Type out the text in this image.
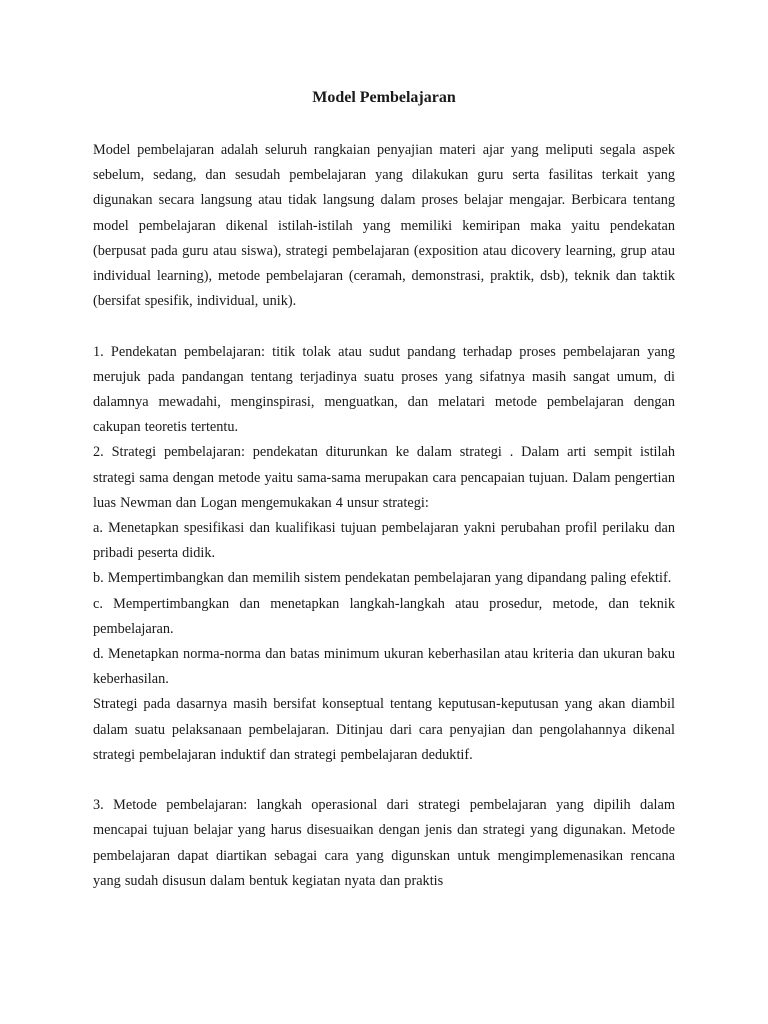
Model Pembelajaran

Model pembelajaran adalah seluruh rangkaian penyajian materi ajar yang meliputi segala aspek sebelum, sedang, dan sesudah pembelajaran yang dilakukan guru serta fasilitas terkait yang digunakan secara langsung atau tidak langsung dalam proses belajar mengajar. Berbicara tentang model pembelajaran dikenal istilah-istilah yang memiliki kemiripan maka yaitu pendekatan (berpusat pada guru atau siswa), strategi pembelajaran (exposition atau dicovery learning, grup atau individual learning), metode pembelajaran (ceramah, demonstrasi, praktik, dsb), teknik dan taktik (bersifat spesifik, individual, unik).

1. Pendekatan pembelajaran: titik tolak atau sudut pandang terhadap proses pembelajaran yang merujuk pada pandangan tentang terjadinya suatu proses yang sifatnya masih sangat umum, di dalamnya mewadahi, menginspirasi, menguatkan, dan melatari metode pembelajaran dengan cakupan teoretis tertentu.

2. Strategi pembelajaran: pendekatan diturunkan ke dalam strategi . Dalam arti sempit istilah strategi sama dengan metode yaitu sama-sama merupakan cara pencapaian tujuan. Dalam pengertian luas Newman dan Logan mengemukakan 4 unsur strategi:

a. Menetapkan spesifikasi dan kualifikasi tujuan pembelajaran yakni perubahan profil perilaku dan pribadi peserta didik.

b. Mempertimbangkan dan memilih sistem pendekatan pembelajaran yang dipandang paling efektif.

c. Mempertimbangkan dan menetapkan langkah-langkah atau prosedur, metode, dan teknik pembelajaran.

d. Menetapkan norma-norma dan batas minimum ukuran keberhasilan atau kriteria dan ukuran baku keberhasilan.

Strategi pada dasarnya masih bersifat konseptual tentang keputusan-keputusan yang akan diambil dalam suatu pelaksanaan pembelajaran. Ditinjau dari cara penyajian dan pengolahannya dikenal strategi pembelajaran induktif dan strategi pembelajaran deduktif.

3. Metode pembelajaran: langkah operasional dari strategi pembelajaran yang dipilih dalam mencapai tujuan belajar yang harus disesuaikan dengan jenis dan strategi yang digunakan. Metode pembelajaran dapat diartikan sebagai cara yang digunskan untuk mengimplemenasikan rencana yang sudah disusun dalam bentuk kegiatan nyata dan praktis
